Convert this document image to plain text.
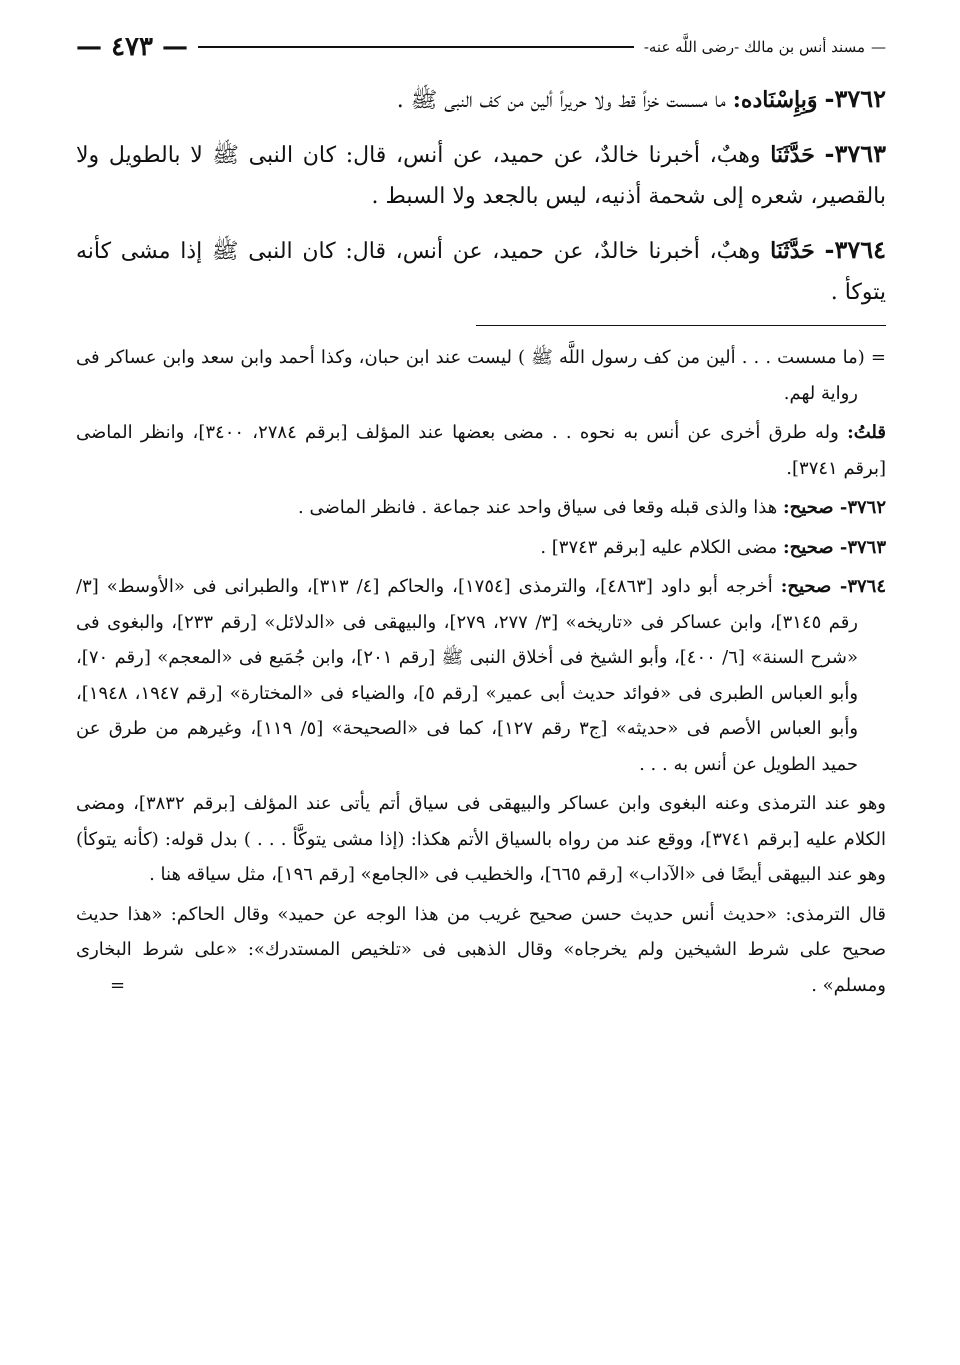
—
مسند أنس بن مالك -رضى اللَّه عنه-
— ٤٧٣ —

٣٧٦٢- وَبِإِسْنَاده: ما مسست خزاً قط ولا حريراً ألين من كف النبى ﷺ .

٣٧٦٣- حَدَّثَنَا وهبٌ، أخبرنا خالدٌ، عن حميد، عن أنس، قال: كان النبى ﷺ لا بالطويل ولا بالقصير، شعره إلى شحمة أذنيه، ليس بالجعد ولا السبط .

٣٧٦٤- حَدَّثَنَا وهبٌ، أخبرنا خالدٌ، عن حميد، عن أنس، قال: كان النبى ﷺ إذا مشى كأنه يتوكأ .

= (ما مسست . . . ألين من كف رسول اللَّه ﷺ ) ليست عند ابن حبان، وكذا أحمد وابن سعد وابن عساكر فى رواية لهم.

قلتُ: وله طرق أخرى عن أنس به نحوه . . مضى بعضها عند المؤلف [برقم ٢٧٨٤، ٣٤٠٠]، وانظر الماضى [برقم ٣٧٤١].

٣٧٦٢- صحيح: هذا والذى قبله وقعا فى سياق واحد عند جماعة . فانظر الماضى .

٣٧٦٣- صحيح: مضى الكلام عليه [برقم ٣٧٤٣] .

٣٧٦٤- صحيح: أخرجه أبو داود [٤٨٦٣]، والترمذى [١٧٥٤]، والحاكم [٤/ ٣١٣]، والطبرانى فى «الأوسط» [٣/ رقم ٣١٤٥]، وابن عساكر فى «تاريخه» [٣/ ٢٧٧، ٢٧٩]، والبيهقى فى «الدلائل» [رقم ٢٣٣]، والبغوى فى «شرح السنة» [٦/ ٤٠٠]، وأبو الشيخ فى أخلاق النبى ﷺ [رقم ٢٠١]، وابن جُمَيع فى «المعجم» [رقم ٧٠]، وأبو العباس الطبرى فى «فوائد حديث أبى عمير» [رقم ٥]، والضياء فى «المختارة» [رقم ١٩٤٧، ١٩٤٨]، وأبو العباس الأصم فى «حديثه» [ج٣ رقم ١٢٧]، كما فى «الصحيحة» [٥/ ١١٩]، وغيرهم من طرق عن حميد الطويل عن أنس به . . .

وهو عند الترمذى وعنه البغوى وابن عساكر والبيهقى فى سياق أتم يأتى عند المؤلف [برقم ٣٨٣٢]، ومضى الكلام عليه [برقم ٣٧٤١]، ووقع عند من رواه بالسياق الأتم هكذا: (إذا مشى يتوكَّأ . . . ) بدل قوله: (كأنه يتوكأ) وهو عند البيهقى أيضًا فى «الآداب» [رقم ٦٦٥]، والخطيب فى «الجامع» [رقم ١٩٦]، مثل سياقه هنا .

قال الترمذى: «حديث أنس حديث حسن صحيح غريب من هذا الوجه عن حميد» وقال الحاكم: «هذا حديث صحيح على شرط الشيخين ولم يخرجاه» وقال الذهبى فى «تلخيص المستدرك»: «على شرط البخارى ومسلم» .
=
